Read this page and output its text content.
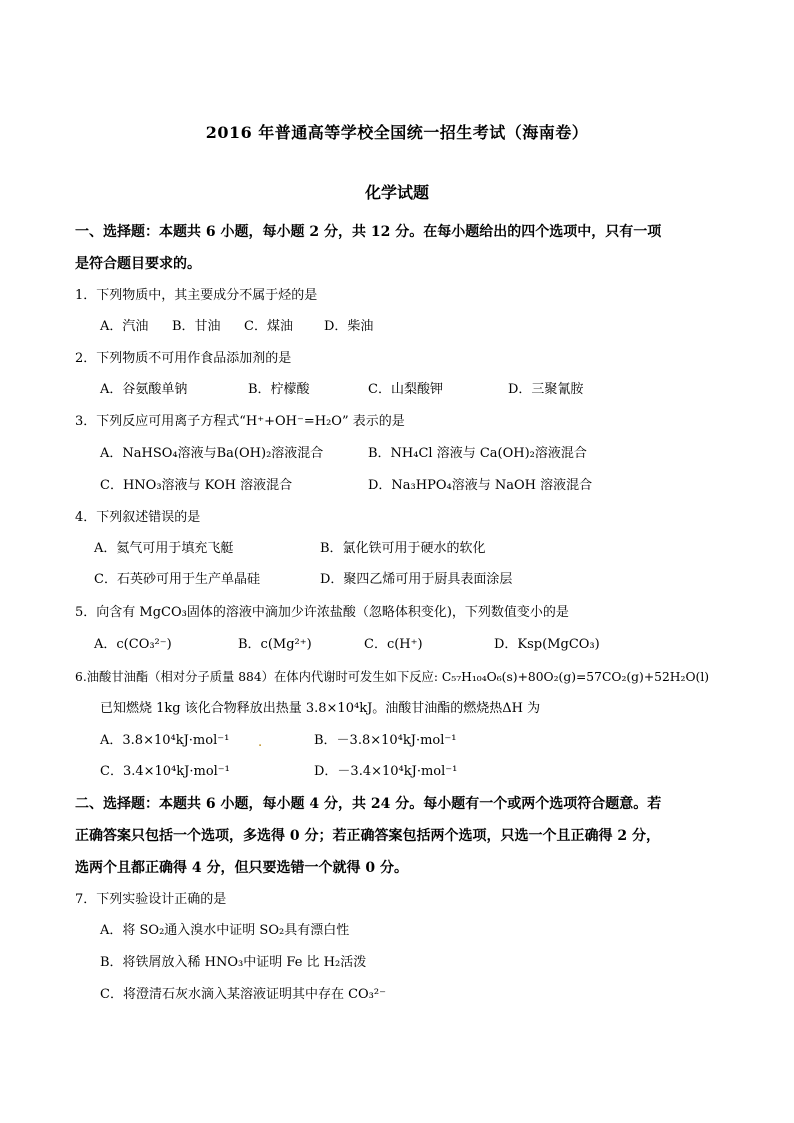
2016 年普通高等学校全国统一招生考试（海南卷）
化学试题
一、选择题：本题共 6 小题，每小题 2 分，共 12 分。在每小题给出的四个选项中，只有一项
是符合题目要求的。
1．下列物质中，其主要成分不属于烃的是
A．汽油 B．甘油 C．煤油 D．柴油
2．下列物质不可用作食品添加剂的是
A．谷氨酸单钠	B．柠檬酸	C．山梨酸钾	D．三聚氰胺
3．下列反应可用离子方程式“H⁺+OH⁻=H₂O” 表示的是
A．NaHSO₄溶液与Ba(OH)₂溶液混合	B．NH₄Cl 溶液与 Ca(OH)₂溶液混合
C．HNO₃溶液与 KOH 溶液混合	D．Na₃HPO₄溶液与 NaOH 溶液混合
4．下列叙述错误的是
A．氦气可用于填充飞艇	B．氯化铁可用于硬水的软化
C．石英砂可用于生产单晶硅	D．聚四乙烯可用于厨具表面涂层
5．向含有 MgCO₃固体的溶液中滴加少许浓盐酸（忽略体积变化)，下列数值变小的是
A．c(CO₃²⁻)	B．c(Mg²⁺)	C．c(H⁺)	D．Ksp(MgCO₃)
6.油酸甘油酯（相对分子质量 884）在体内代谢时可发生如下反应: C₅₇H₁₀₄O₆(s)+80O₂(g)=57CO₂(g)+52H₂O(l)
已知燃烧 1kg 该化合物释放出热量 3.8×10⁴kJ。油酸甘油酯的燃烧热ΔH 为
A．3.8×10⁴kJ·mol⁻¹ .	B．－3.8×10⁴kJ·mol⁻¹
C．3.4×10⁴kJ·mol⁻¹	D．－3.4×10⁴kJ·mol⁻¹
二、选择题：本题共 6 小题，每小题 4 分，共 24 分。每小题有一个或两个选项符合题意。若
正确答案只包括一个选项，多选得 0 分；若正确答案包括两个选项，只选一个且正确得 2 分，
选两个且都正确得 4 分，但只要选错一个就得 0 分。
7．下列实验设计正确的是
A．将 SO₂通入溴水中证明 SO₂具有漂白性
B．将铁屑放入稀 HNO₃中证明 Fe 比 H₂活泼
C．将澄清石灰水滴入某溶液证明其中存在 CO₃²⁻
